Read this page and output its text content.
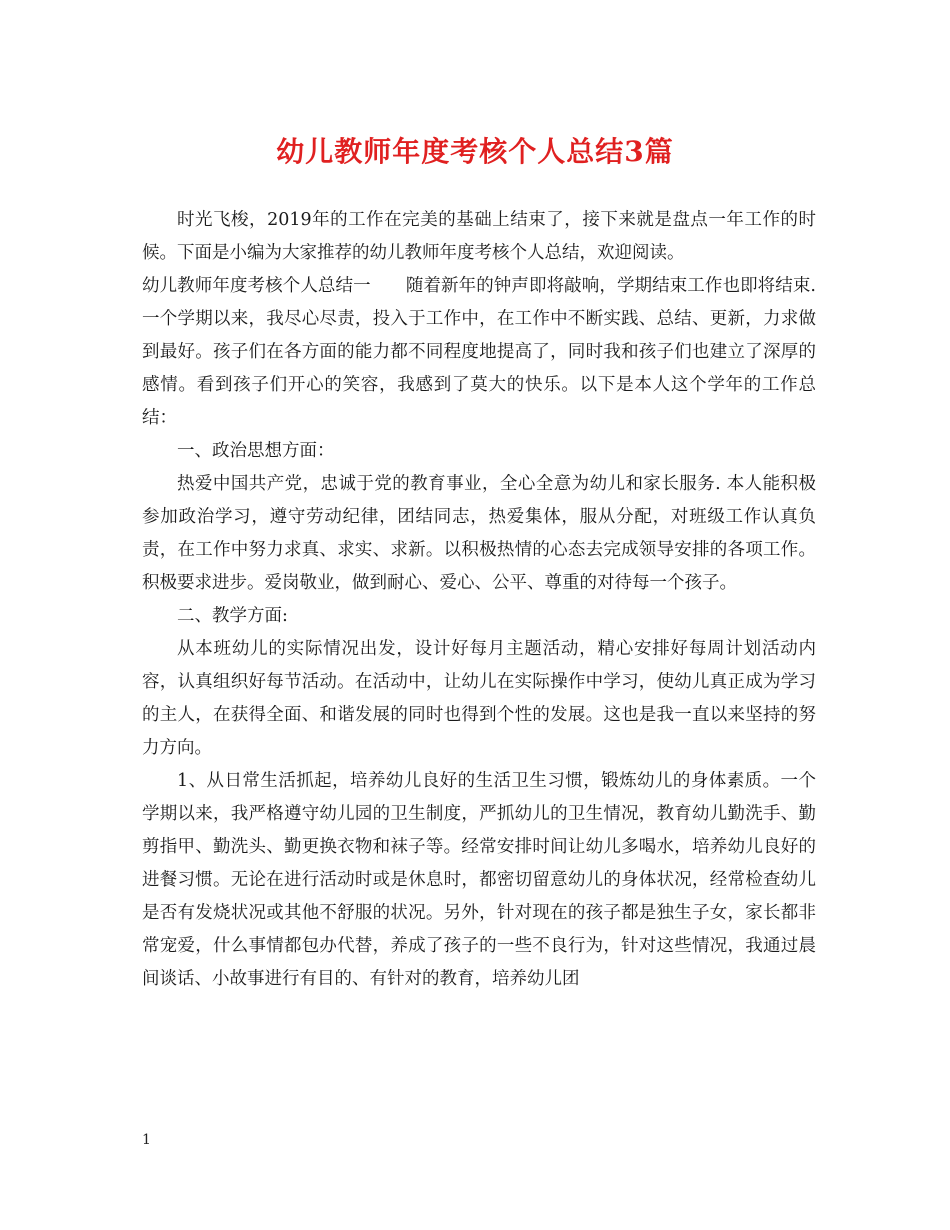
幼儿教师年度考核个人总结3篇

时光飞梭，2019年的工作在完美的基础上结束了，接下来就是盘点一年工作的时候。下面是小编为大家推荐的幼儿教师年度考核个人总结，欢迎阅读。

幼儿教师年度考核个人总结一　　随着新年的钟声即将敲响，学期结束工作也即将结束.一个学期以来，我尽心尽责，投入于工作中，在工作中不断实践、总结、更新，力求做到最好。孩子们在各方面的能力都不同程度地提高了，同时我和孩子们也建立了深厚的感情。看到孩子们开心的笑容，我感到了莫大的快乐。以下是本人这个学年的工作总结：

一、政治思想方面：

热爱中国共产党，忠诚于党的教育事业，全心全意为幼儿和家长服务. 本人能积极参加政治学习，遵守劳动纪律，团结同志，热爱集体，服从分配，对班级工作认真负责，在工作中努力求真、求实、求新。以积极热情的心态去完成领导安排的各项工作。积极要求进步。爱岗敬业，做到耐心、爱心、公平、尊重的对待每一个孩子。

二、教学方面:

从本班幼儿的实际情况出发，设计好每月主题活动，精心安排好每周计划活动内容，认真组织好每节活动。在活动中，让幼儿在实际操作中学习，使幼儿真正成为学习的主人，在获得全面、和谐发展的同时也得到个性的发展。这也是我一直以来坚持的努力方向。

1、从日常生活抓起，培养幼儿良好的生活卫生习惯，锻炼幼儿的身体素质。一个学期以来，我严格遵守幼儿园的卫生制度，严抓幼儿的卫生情况，教育幼儿勤洗手、勤剪指甲、勤洗头、勤更换衣物和袜子等。经常安排时间让幼儿多喝水，培养幼儿良好的进餐习惯。无论在进行活动时或是休息时，都密切留意幼儿的身体状况，经常检查幼儿是否有发烧状况或其他不舒服的状况。另外，针对现在的孩子都是独生子女，家长都非常宠爱，什么事情都包办代替，养成了孩子的一些不良行为，针对这些情况，我通过晨间谈话、小故事进行有目的、有针对的教育，培养幼儿团

1
